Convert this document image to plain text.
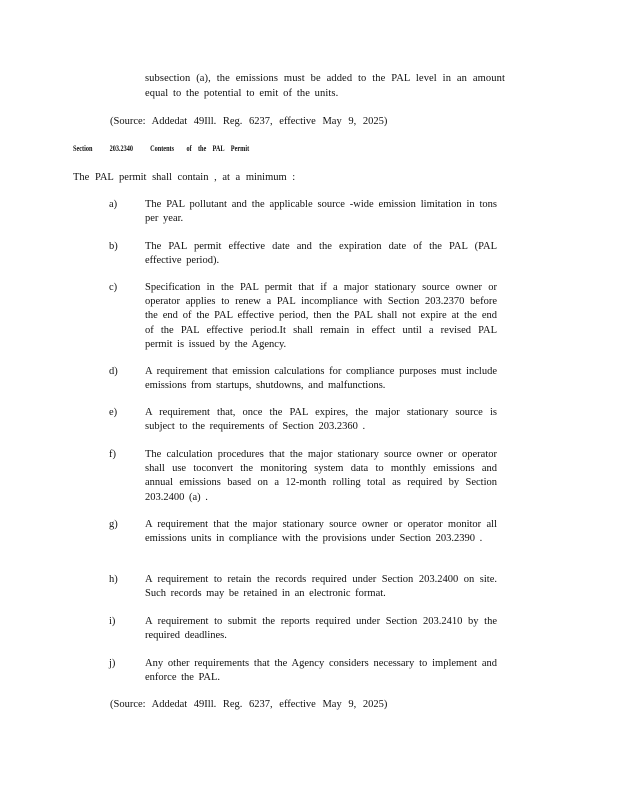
subsection (a), the emissions must be added to the PAL level in an amount equal to the potential to emit of the units.
(Source: Addedat 49Ill. Reg. 6237, effective May 9, 2025)
Section 203.2340 Contents of the PAL Permit
The PAL permit shall contain , at a minimum :
a)	The PAL pollutant and the applicable source -wide emission limitation in tons per year.
b)	The PAL permit effective date and the expiration date of the PAL (PAL effective period).
c)	Specification in the PAL permit that if a major stationary source owner or operator applies to renew a PAL incompliance with Section 203.2370 before the end of the PAL effective period, then the PAL shall not expire at the end of the PAL effective period.It shall remain in effect until a revised PAL permit is issued by the Agency.
d)	A requirement that emission calculations for compliance purposes must include emissions from startups, shutdowns, and malfunctions.
e)	A requirement that, once the PAL expires, the major stationary source is subject to the requirements of Section 203.2360 .
f)	The calculation procedures that the major stationary source owner or operator shall use toconvert the monitoring system data to monthly emissions and annual emissions based on a 12-month rolling total as required by Section 203.2400 (a) .
g)	A requirement that the major stationary source owner or operator monitor all emissions units in compliance with the provisions under Section 203.2390 .
h)	A requirement to retain the records required under Section 203.2400 on site. Such records may be retained in an electronic format.
i)	A requirement to submit the reports required under Section 203.2410 by the required deadlines.
j)	Any other requirements that the Agency considers necessary to implement and enforce the PAL.
(Source: Addedat 49Ill. Reg. 6237, effective May 9, 2025)
